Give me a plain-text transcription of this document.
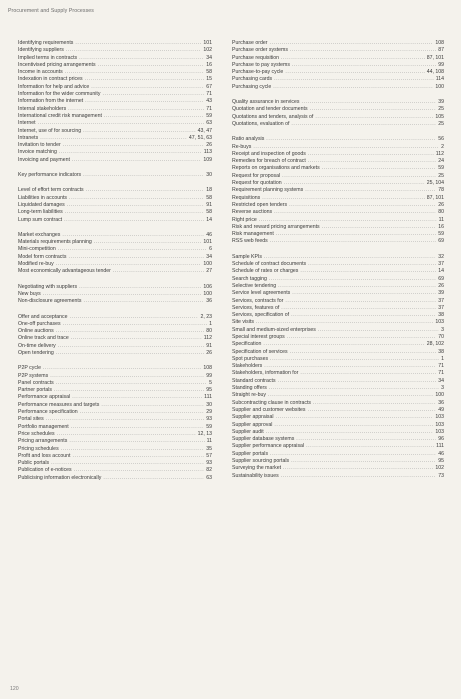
Procurement and Supply Processes
Identifying requirements .....	101
Identifying suppliers .....	102
Implied terms in contracts .....	34
Incentivised pricing arrangements .....	16
Income in accounts .....	58
Indexation in contract prices .....	15
Information for help and advice .....	67
Information for the wider community .....	71
Information from the internet .....	43
Internal stakeholders .....	71
International credit risk management .....	59
Internet .....	63
Internet, use of for sourcing .....	43, 47
Intranets .....	47, 51, 63
Invitation to tender .....	26
Invoice matching .....	113
Invoicing and payment .....	109
Key performance indicators .....	30
Level of effort term contracts .....	18
Liabilities in accounts .....	58
Liquidated damages .....	91
Long-term liabilities .....	58
Lump sum contract .....	14
Market exchanges .....	46
Materials requirements planning .....	101
Mini-competition .....	6
Model form contracts .....	34
Modified re-buy .....	100
Most economically advantageous tender .....	27
Negotiating with suppliers .....	106
New buys .....	100
Non-disclosure agreements .....	36
Offer and acceptance .....	2, 23
One-off purchases .....	1
Online auctions .....	80
Online track and trace .....	112
On-time delivery .....	91
Open tendering .....	26
P2P cycle .....	108
P2P systems .....	99
Panel contracts .....	5
Partner portals .....	95
Performance appraisal .....	111
Performance measures and targets .....	30
Performance specification .....	29
Portal sites .....	93
Portfolio management .....	59
Price schedules .....	12, 13
Pricing arrangements .....	11
Pricing schedules .....	35
Profit and loss account .....	57
Public portals .....	93
Publication of e-notices .....	82
Publicising information electronically .....	63
Purchase order .....	108
Purchase order systems .....	87
Purchase requisition .....	87, 101
Purchase to pay systems .....	99
Purchase-to-pay cycle .....	44, 108
Purchasing cards .....	114
Purchasing cycle .....	100
Quality assurance in services .....	39
Quotation and tender documents .....	25
Quotations and tenders, analysis of .....	105
Quotations, evaluation of .....	25
Ratio analysis .....	56
Re-buys .....	2
Receipt and inspection of goods .....	112
Remedies for breach of contract .....	24
Reports on organisations and markets .....	59
Request for proposal .....	25
Request for quotation .....	25, 104
Requirement planning systems .....	78
Requisitions .....	87, 101
Restricted open tenders .....	26
Reverse auctions .....	80
Right price .....	11
Risk and reward pricing arrangements .....	16
Risk management .....	59
RSS web feeds .....	69
Sample KPIs .....	32
Schedule of contract documents .....	37
Schedule of rates or charges .....	14
Search tagging .....	69
Selective tendering .....	26
Service level agreements .....	39
Services, contracts for .....	37
Services, features of .....	37
Services, specification of .....	38
Site visits .....	103
Small and medium-sized enterprises .....	3
Special interest groups .....	70
Specification .....	28, 102
Specification of services .....	38
Spot purchases .....	1
Stakeholders .....	71
Stakeholders, information for .....	71
Standard contracts .....	34
Standing offers .....	3
Straight re-buy .....	100
Subcontracting clause in contracts .....	36
Supplier and customer websites .....	49
Supplier appraisal .....	103
Supplier approval .....	103
Supplier audit .....	103
Supplier database systems .....	96
Supplier performance appraisal .....	111
Supplier portals .....	46
Supplier sourcing portals .....	95
Surveying the market .....	102
Sustainability issues .....	73
120
